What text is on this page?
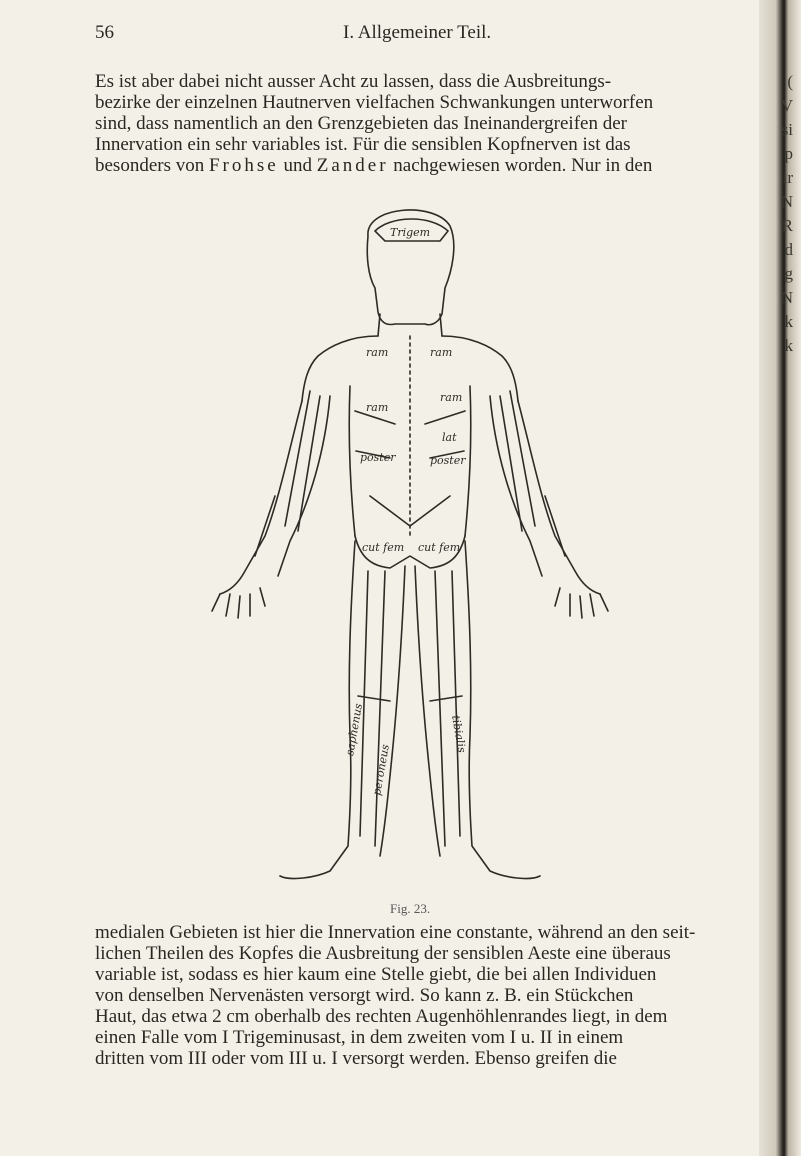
56	I. Allgemeiner Teil.
Es ist aber dabei nicht ausser Acht zu lassen, dass die Ausbreitungs-
bezirke der einzelnen Hautnerven vielfachen Schwankungen unterworfen
sind, dass namentlich an den Grenzgebieten das Ineinandergreifen der
Innervation ein sehr variables ist. Für die sensiblen Kopfnerven ist das
besonders von Frohse und Zander nachgewiesen worden. Nur in den
Trigem
ram	ram
ram
ram
lat
poster	poster
cut fem cut fem
saphenus
peroneus
tibialis
Fig. 23.
medialen Gebieten ist hier die Innervation eine constante, während an den seit-
lichen Theilen des Kopfes die Ausbreitung der sensiblen Aeste eine überaus
variable ist, sodass es hier kaum eine Stelle giebt, die bei allen Individuen
von denselben Nervenästen versorgt wird. So kann z. B. ein Stückchen
Haut, das etwa 2 cm oberhalb des rechten Augenhöhlenrandes liegt, in dem
einen Falle vom I Trigeminusast, in dem zweiten vom I u. II in einem
dritten vom III oder vom III u. I versorgt werden. Ebenso greifen die
(
V
si
p
ir
N
R
d
g
N
k
k
